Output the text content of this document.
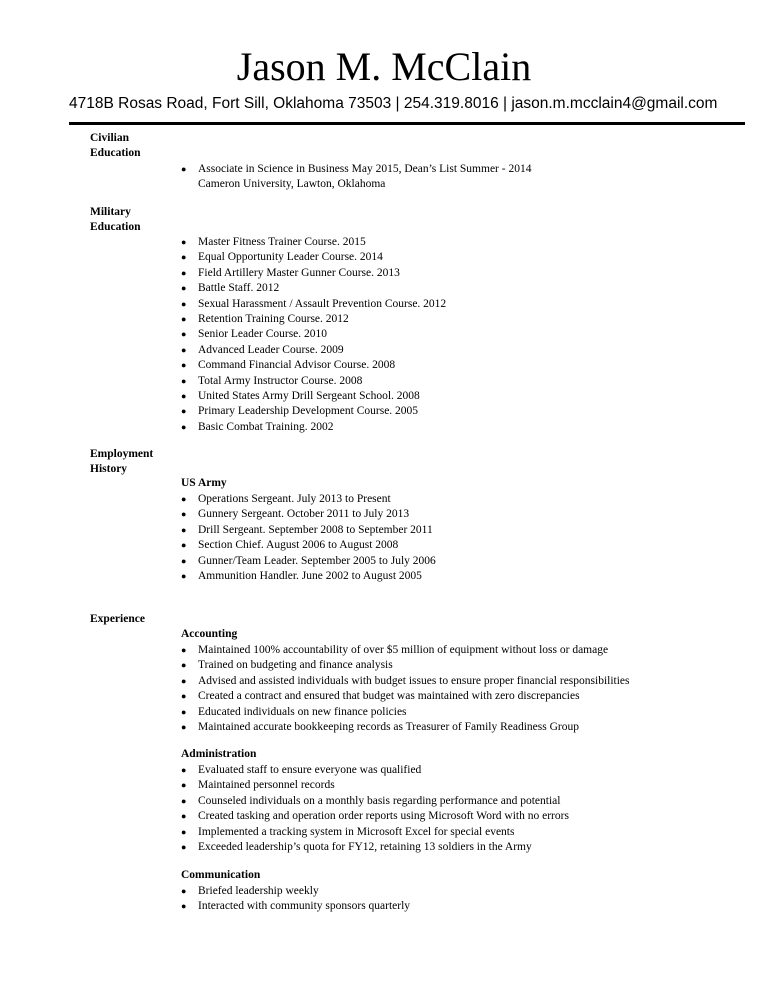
Jason M. McClain
4718B Rosas Road, Fort Sill, Oklahoma 73503 | 254.319.8016 | jason.m.mcclain4@gmail.com
Civilian
Education
● Associate in Science in Business May 2015, Dean’s List Summer - 2014
Cameron University, Lawton, Oklahoma
Military
Education
● Master Fitness Trainer Course. 2015
● Equal Opportunity Leader Course. 2014
● Field Artillery Master Gunner Course. 2013
● Battle Staff. 2012
● Sexual Harassment / Assault Prevention Course. 2012
● Retention Training Course. 2012
● Senior Leader Course. 2010
● Advanced Leader Course. 2009
● Command Financial Advisor Course. 2008
● Total Army Instructor Course. 2008
● United States Army Drill Sergeant School. 2008
● Primary Leadership Development Course. 2005
● Basic Combat Training. 2002
Employment
History
US Army
● Operations Sergeant. July 2013 to Present
● Gunnery Sergeant. October 2011 to July 2013
● Drill Sergeant. September 2008 to September 2011
● Section Chief. August 2006 to August 2008
● Gunner/Team Leader. September 2005 to July 2006
● Ammunition Handler. June 2002 to August 2005
Experience
Accounting
● Maintained 100% accountability of over $5 million of equipment without loss or damage
● Trained on budgeting and finance analysis
● Advised and assisted individuals with budget issues to ensure proper financial responsibilities
● Created a contract and ensured that budget was maintained with zero discrepancies
● Educated individuals on new finance policies
● Maintained accurate bookkeeping records as Treasurer of Family Readiness Group
Administration
● Evaluated staff to ensure everyone was qualified
● Maintained personnel records
● Counseled individuals on a monthly basis regarding performance and potential
● Created tasking and operation order reports using Microsoft Word with no errors
● Implemented a tracking system in Microsoft Excel for special events
● Exceeded leadership’s quota for FY12, retaining 13 soldiers in the Army
Communication
● Briefed leadership weekly
● Interacted with community sponsors quarterly
